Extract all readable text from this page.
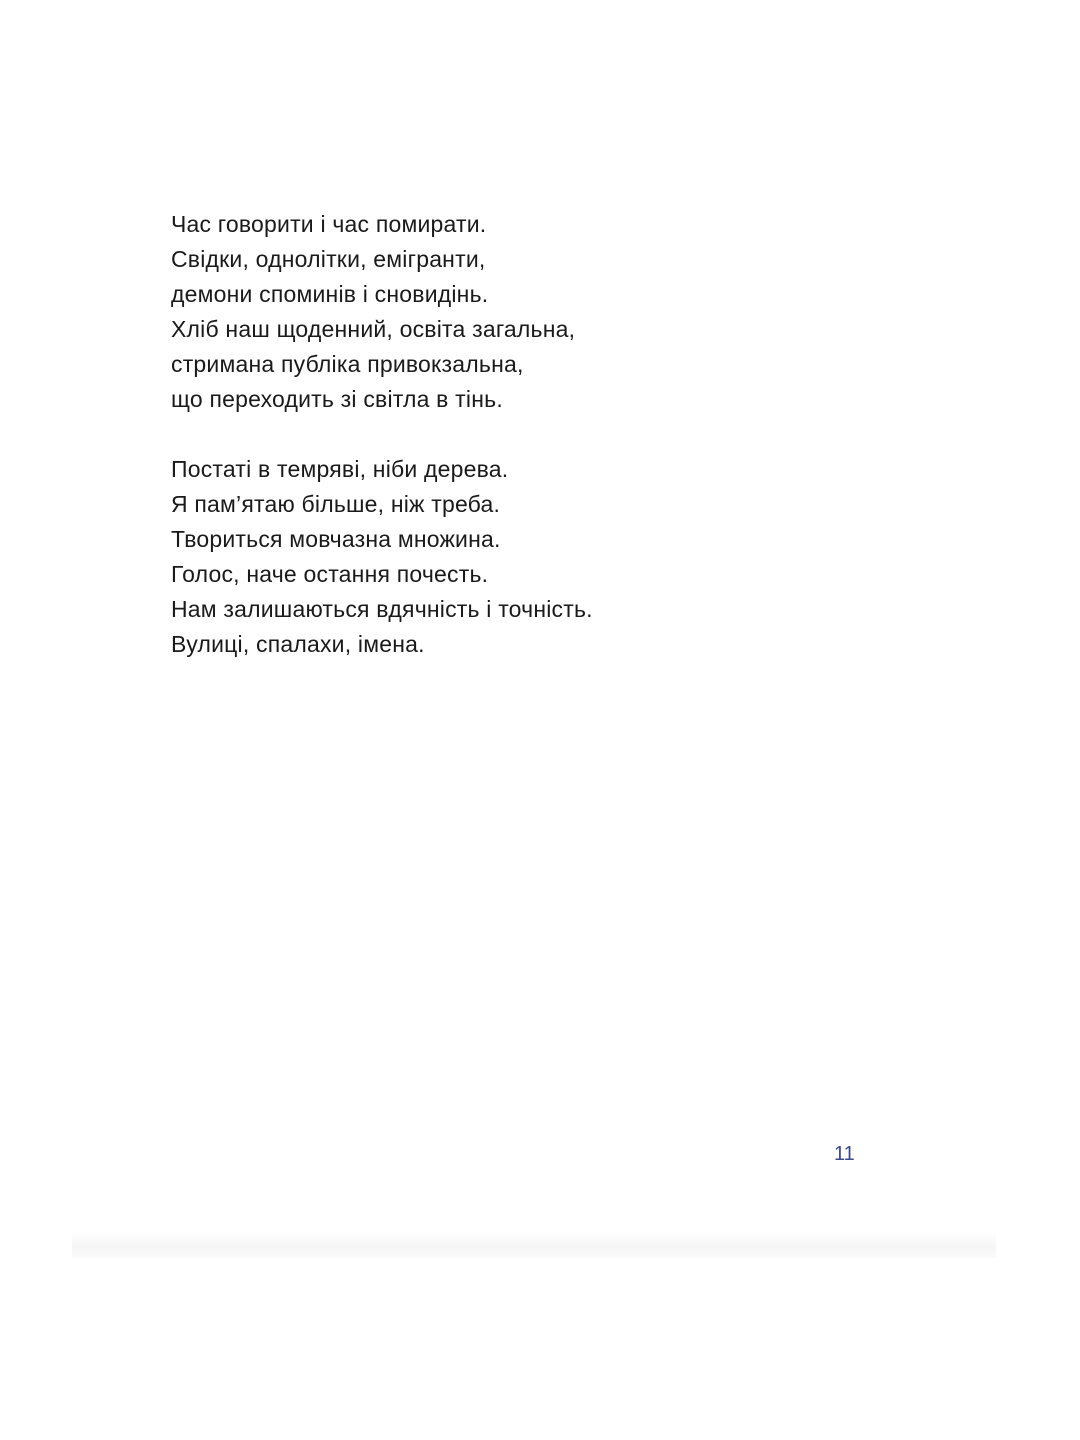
Час говорити і час помирати.
Свідки, однолітки, емігранти,
демони споминів і сновидінь.
Хліб наш щоденний, освіта загальна,
стримана публіка привокзальна,
що переходить зі світла в тінь.
Постаті в темряві, ніби дерева.
Я пам’ятаю більше, ніж треба.
Твориться мовчазна множина.
Голос, наче остання почесть.
Нам залишаються вдячність і точність.
Вулиці, спалахи, імена.
11
